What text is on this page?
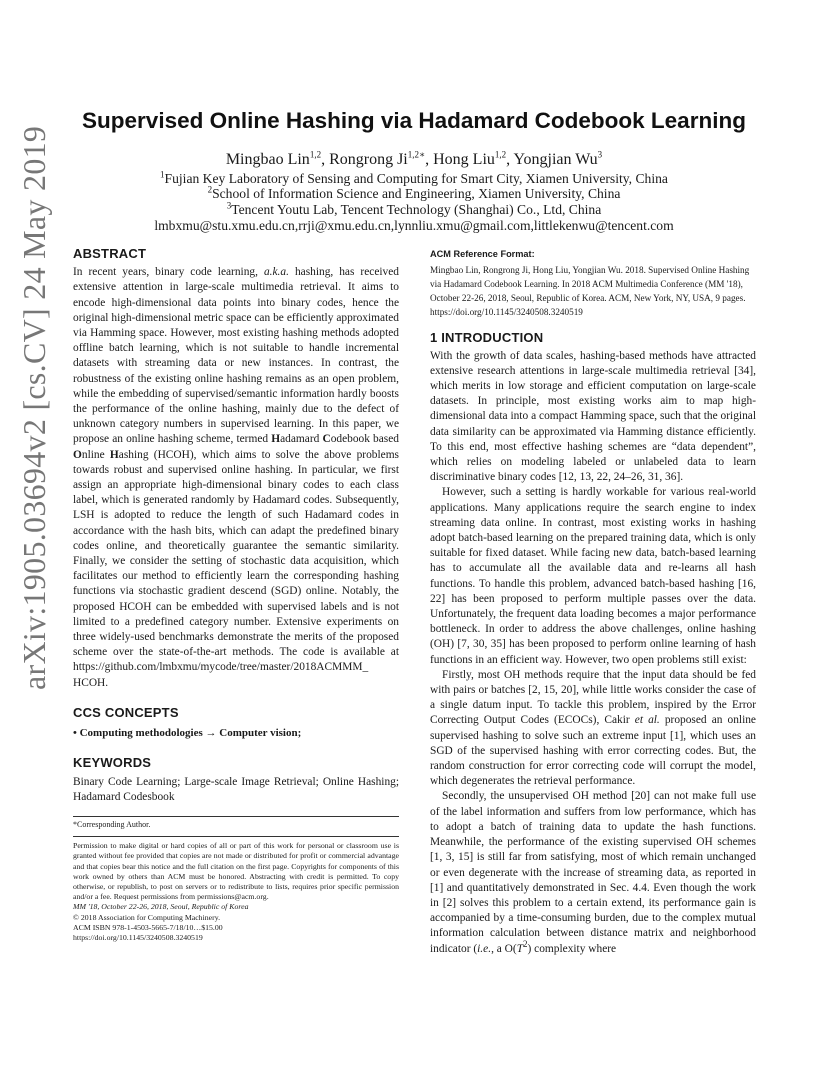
arXiv:1905.03694v2 [cs.CV] 24 May 2019
Supervised Online Hashing via Hadamard Codebook Learning
Mingbao Lin$^{1,2}$, Rongrong $Ji^{1,2∗}$, Hong Liu$^{1,2}$, Yongjian Wu$^3$
$^1$Fujian Key Laboratory of Sensing and Computing for Smart City, Xiamen University, China
$^2$School of Information Science and Engineering, Xiamen University, China
$^3$Tencent Youtu Lab, Tencent Technology (Shanghai) Co., Ltd, China
lmbxmu@stu.xmu.edu.cn,rrji@xmu.edu.cn,lynnliu.xmu@gmail.com,littlekenwu@tencent.com
ABSTRACT

In recent years, binary code learning, a.k.a. hashing, has received extensive attention in large-scale multimedia retrieval. It aims to encode high-dimensional data points into binary codes, hence the original high-dimensional metric space can be efficiently approximated via Hamming space. However, most existing hashing methods adopted offline batch learning, which is not suitable to handle incremental datasets with streaming data or new instances. In contrast, the robustness of the existing online hashing remains as an open problem, while the embedding of supervised/semantic information hardly boosts the performance of the online hashing, mainly due to the defect of unknown category numbers in supervised learning. In this paper, we propose an online hashing scheme, termed Hadamard Codebook based Online Hashing (HCOH), which aims to solve the above problems towards robust and supervised online hashing. In particular, we first assign an appropriate high-dimensional binary codes to each class label, which is generated randomly by Hadamard codes. Subsequently, LSH is adopted to reduce the length of such Hadamard codes in accordance with the hash bits, which can adapt the predefined binary codes online, and theoretically guarantee the semantic similarity. Finally, we consider the setting of stochastic data acquisition, which facilitates our method to efficiently learn the corresponding hashing functions via stochastic gradient descend (SGD) online. Notably, the proposed HCOH can be embedded with supervised labels and is not limited to a predefined category number. Extensive experiments on three widely-used benchmarks demonstrate the merits of the proposed scheme over the state-of-the-art methods. The code is available at https://github.com/lmbxmu/mycode/tree/master/2018ACMMM_ HCOH.

CCS CONCEPTS
• Computing methodologies → Computer vision;
KEYWORDS

Binary Code Learning; Large-scale Image Retrieval; Online Hashing; Hadamard Codesbook

*Corresponding Author.
Permission to make digital or hard copies of all or part of this work for personal or classroom use is granted without fee provided that copies are not made or distributed for profit or commercial advantage and that copies bear this notice and the full citation on the first page. Copyrights for components of this work owned by others than ACM must be honored. Abstracting with credit is permitted. To copy otherwise, or republish, to post on servers or to redistribute to lists, requires prior specific permission and/or a fee. Request permissions from permissions@acm.org.
MM '18, October 22-26, 2018, Seoul, Republic of Korea
© 2018 Association for Computing Machinery.
ACM ISBN 978-1-4503-5665-7/18/10…$15.00
https://doi.org/10.1145/3240508.3240519
ACM Reference Format:

Mingbao Lin, Rongrong Ji, Hong Liu, Yongjian Wu. 2018. Supervised Online Hashing via Hadamard Codebook Learning. In 2018 ACM Multimedia Conference (MM '18), October 22-26, 2018, Seoul, Republic of Korea. ACM, New York, NY, USA, 9 pages. https://doi.org/10.1145/3240508.3240519

1 INTRODUCTION

With the growth of data scales, hashing-based methods have attracted extensive research attentions in large-scale multimedia retrieval [34], which merits in low storage and efficient computation on large-scale datasets. In principle, most existing works aim to map high-dimensional data into a compact Hamming space, such that the original data similarity can be approximated via Hamming distance efficiently. To this end, most effective hashing schemes are “data dependent”, which relies on modeling labeled or unlabeled data to learn discriminative binary codes [12, 13, 22, 24–26, 31, 36].

However, such a setting is hardly workable for various real-world applications. Many applications require the search engine to index streaming data online. In contrast, most existing works in hashing adopt batch-based learning on the prepared training data, which is only suitable for fixed dataset. While facing new data, batch-based learning has to accumulate all the available data and re-learns all hash functions. To handle this problem, advanced batch-based hashing [16, 22] has been proposed to perform multiple passes over the data. Unfortunately, the frequent data loading becomes a major performance bottleneck. In order to address the above challenges, online hashing (OH) [7, 30, 35] has been proposed to perform online learning of hash functions in an efficient way. However, two open problems still exist:

Firstly, most OH methods require that the input data should be fed with pairs or batches [2, 15, 20], while little works consider the case of a single datum input. To tackle this problem, inspired by the Error Correcting Output Codes (ECOCs), Cakir et al. proposed an online supervised hashing to solve such an extreme input [1], which uses an SGD of the supervised hashing with error correcting codes. But, the random construction for error correcting code will corrupt the model, which degenerates the retrieval performance.

Secondly, the unsupervised OH method [20] can not make full use of the label information and suffers from low performance, which has to adopt a batch of training data to update the hash functions. Meanwhile, the performance of the existing supervised OH schemes [1, 3, 15] is still far from satisfying, most of which remain unchanged or even degenerate with the increase of streaming data, as reported in [1] and quantitatively demonstrated in Sec. 4.4. Even though the work in [2] solves this problem to a certain extend, its performance gain is accompanied by a time-consuming burden, due to the complex mutual information calculation between distance matrix and neighborhood indicator (i.e., a $O(T^2)$ complexity where
